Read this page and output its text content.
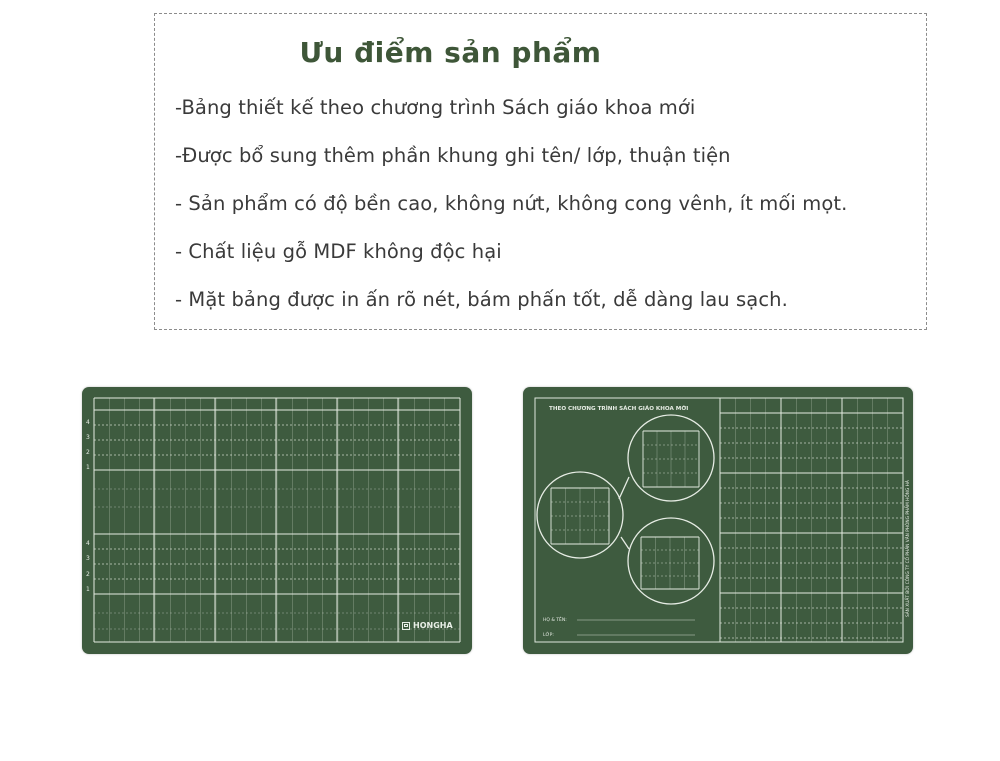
Ưu điểm sản phẩm
-Bảng thiết kế theo chương trình Sách giáo khoa mới
-Được bổ sung thêm phần khung ghi tên/ lớp, thuận tiện
- Sản phẩm có độ bền cao, không nứt, không cong vênh, ít mối mọt.
- Chất liệu gỗ MDF không độc hại
- Mặt bảng được in ấn rõ nét, bám phấn tốt, dễ dàng lau sạch.
4
3
2
1
4
3
2
1
HONGHA
THEO CHƯƠNG TRÌNH SÁCH GIÁO KHOA MỚI
HỌ & TÊN:
LỚP:
SẢN XUẤT BỞI CÔNG TY CỔ PHẦN VĂN PHÒNG PHẨM HỒNG HÀ
